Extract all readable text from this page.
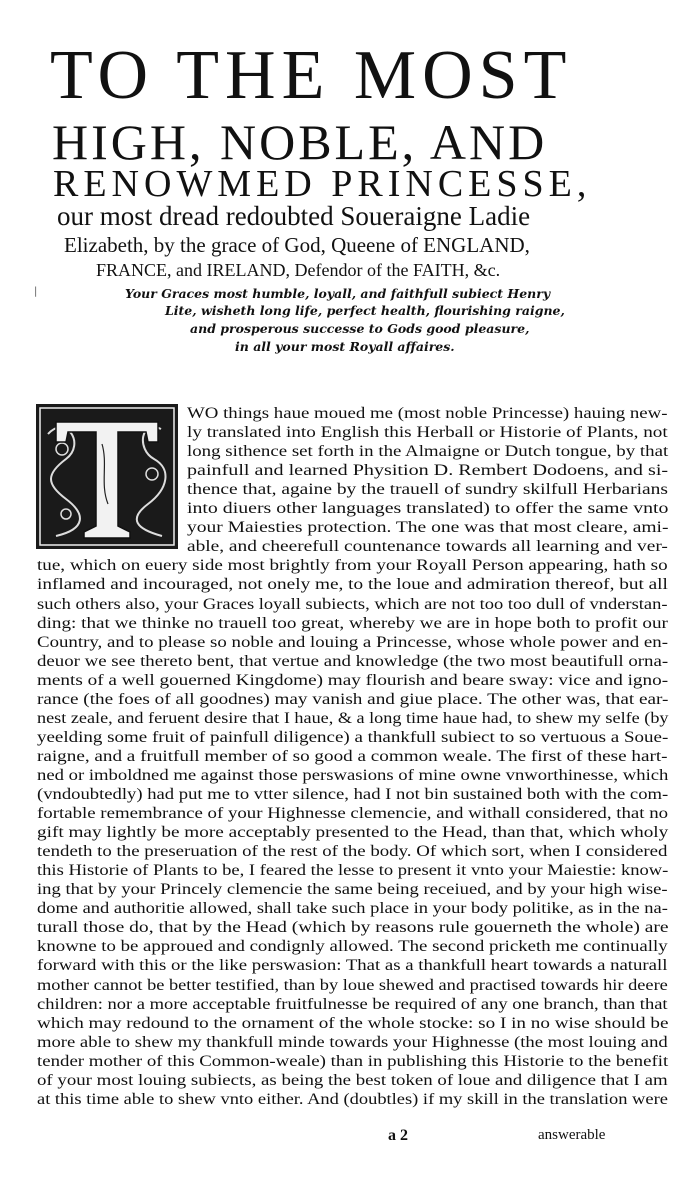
TO THE MOST
HIGH, NOBLE, AND
RENOWMED PRINCESSE,
our most dread redoubted Soueraigne Ladie
Elizabeth, by the grace of God, Queene of ENGLAND,
FRANCE, and IRELAND, Defendor of the FAITH, &c.
Your Graces most humble, loyall, and faithfull subiect Henry
Lite, wisheth long life, perfect health, flourishing raigne,
and prosperous successe to Gods good pleasure,
in all your most Royall affaires.
|
WO things haue moued me (most noble Princesse) hauing new-
ly translated into English this Herball or Historie of Plants, not
long sithence set forth in the Almaigne or Dutch tongue, by that
painfull and learned Physition D. Rembert Dodoens, and si-
thence that, againe by the trauell of sundry skilfull Herbarians
into diuers other languages translated) to offer the same vnto
your Maiesties protection. The one was that most cleare, ami-
able, and cheerefull countenance towards all learning and ver-
tue, which on euery side most brightly from your Royall Person appearing, hath so
inflamed and incouraged, not onely me, to the loue and admiration thereof, but all
such others also, your Graces loyall subiects, which are not too too dull of vnderstan-
ding: that we thinke no trauell too great, whereby we are in hope both to profit our
Country, and to please so noble and louing a Princesse, whose whole power and en-
deuor we see thereto bent, that vertue and knowledge (the two most beautifull orna-
ments of a well gouerned Kingdome) may flourish and beare sway: vice and igno-
rance (the foes of all goodnes) may vanish and giue place. The other was, that ear-
nest zeale, and feruent desire that I haue, & a long time haue had, to shew my selfe (by
yeelding some fruit of painfull diligence) a thankfull subiect to so vertuous a Soue-
raigne, and a fruitfull member of so good a common weale. The first of these hart-
ned or imboldned me against those perswasions of mine owne vnworthinesse, which
(vndoubtedly) had put me to vtter silence, had I not bin sustained both with the com-
fortable remembrance of your Highnesse clemencie, and withall considered, that no
gift may lightly be more acceptably presented to the Head, than that, which wholy
tendeth to the preseruation of the rest of the body. Of which sort, when I considered
this Historie of Plants to be, I feared the lesse to present it vnto your Maiestie: know-
ing that by your Princely clemencie the same being receiued, and by your high wise-
dome and authoritie allowed, shall take such place in your body politike, as in the na-
turall those do, that by the Head (which by reasons rule gouerneth the whole) are
knowne to be approued and condignly allowed. The second pricketh me continually
forward with this or the like perswasion: That as a thankfull heart towards a naturall
mother cannot be better testified, than by loue shewed and practised towards hir deere
children: nor a more acceptable fruitfulnesse be required of any one branch, than that
which may redound to the ornament of the whole stocke: so I in no wise should be
more able to shew my thankfull minde towards your Highnesse (the most louing and
tender mother of this Common-weale) than in publishing this Historie to the benefit
of your most louing subiects, as being the best token of loue and diligence that I am
at this time able to shew vnto either. And (doubtles) if my skill in the translation were
a 2	answerable
